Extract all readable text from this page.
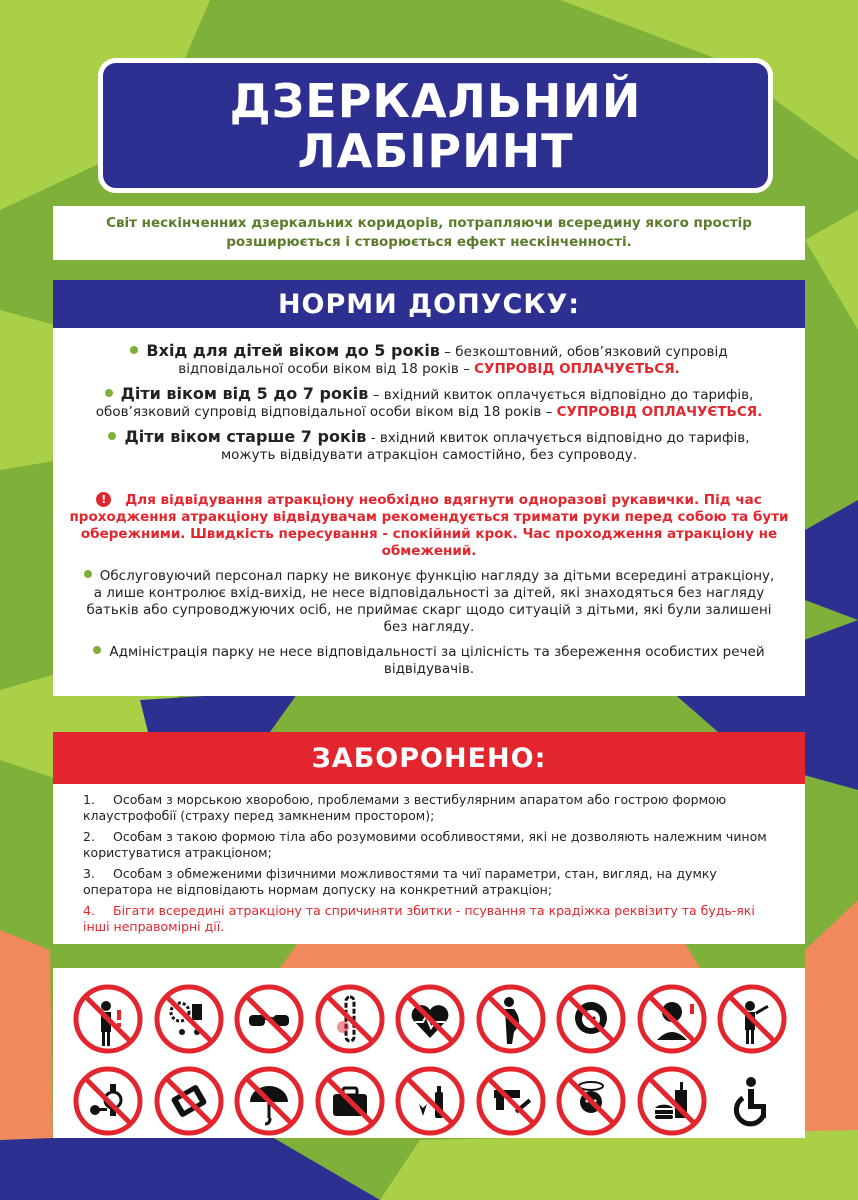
ДЗЕРКАЛЬНИЙ
ЛАБІРИНТ

Світ нескінченних дзеркальних коридорів, потрапляючи всередину якого простір розширюється і створюється ефект нескінченності.

НОРМИ ДОПУСКУ:

Вхід для дітей віком до 5 років – безкоштовний, обов’язковий супровід відповідальної особи віком від 18 років – СУПРОВІД ОПЛАЧУЄТЬСЯ.

Діти віком від 5 до 7 років – вхідний квиток оплачується відповідно до тарифів, обов’язковий супровід відповідальної особи віком від 18 років – СУПРОВІД ОПЛАЧУЄТЬСЯ.

Діти віком старше 7 років - вхідний квиток оплачується відповідно до тарифів, можуть відвідувати атракціон самостійно, без супроводу.

! Для відвідування атракціону необхідно вдягнути одноразові рукавички. Під час проходження атракціону відвідувачам рекомендується тримати руки перед собою та бути обережними. Швидкість пересування - спокійний крок. Час проходження атракціону не обмежений.

Обслуговуючий персонал парку не виконує функцію нагляду за дітьми всередині атракціону, а лише контролює вхід-вихід, не несе відповідальності за дітей, які знаходяться без нагляду батьків або супроводжуючих осіб, не приймає скарг щодо ситуацій з дітьми, які були залишені без нагляду.

Адміністрація парку не несе відповідальності за цілісність та збереження особистих речей відвідувачів.

ЗАБОРОНЕНО:

1. Особам з морською хворобою, проблемами з вестибулярним апаратом або гострою формою клаустрофобії (страху перед замкненим простором);

2. Особам з такою формою тіла або розумовими особливостями, які не дозволяють належним чином користуватися атракціоном;

3. Особам з обмеженими фізичними можливостями та чиї параметри, стан, вигляд, на думку оператора не відповідають нормам допуску на конкретний атракціон;

4. Бігати всередині атракціону та спричиняти збитки - псування та крадіжка реквізиту та будь-які інші неправомірні дії.
